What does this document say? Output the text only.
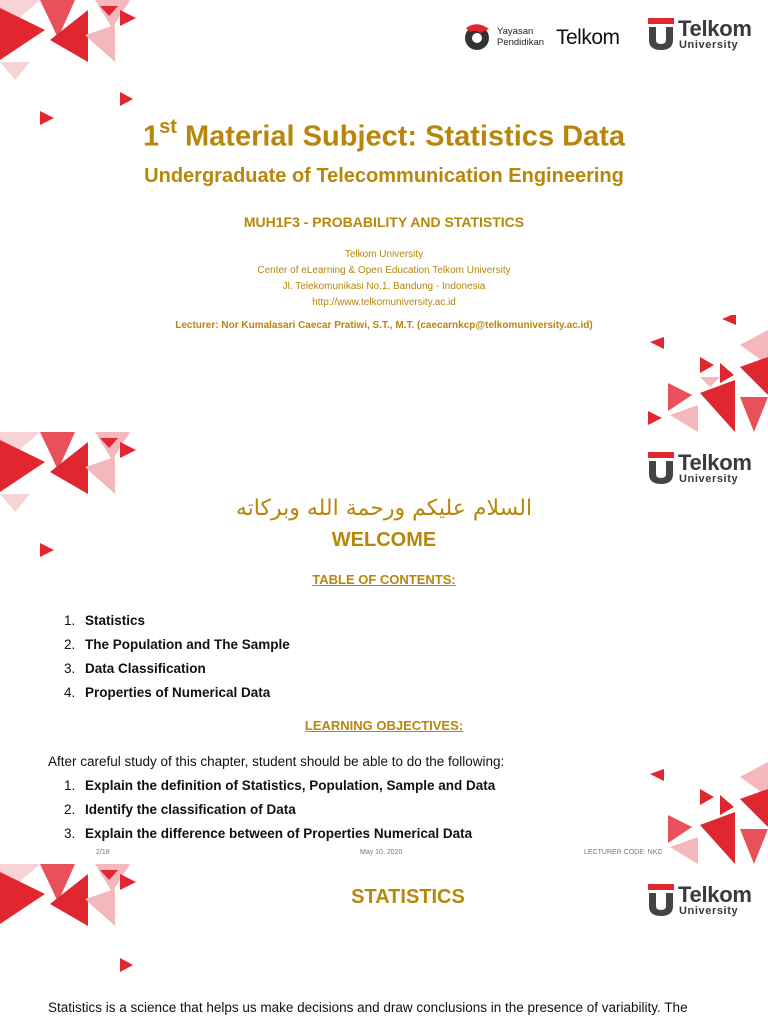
Yayasan
Pendidikan Telkom	Telkom
University
1st Material Subject: Statistics Data
Undergraduate of Telecommunication Engineering
MUH1F3 - PROBABILITY AND STATISTICS
Telkom University
Center of eLearning & Open Education Telkom University
Jl. Telekomunikasi No.1, Bandung - Indonesia
http://www.telkomuniversity.ac.id
Lecturer: Nor Kumalasari Caecar Pratiwi, S.T., M.T. (caecarnkcp@telkomuniversity.ac.id)
Telkom
University
السلام عليكم ورحمة الله وبركاته
WELCOME
TABLE OF CONTENTS:
1. Statistics
2. The Population and The Sample
3. Data Classification
4. Properties of Numerical Data
LEARNING OBJECTIVES:
After careful study of this chapter, student should be able to do the following:
1. Explain the definition of Statistics, Population, Sample and Data
2. Identify the classification of Data
3. Explain the difference between of Properties Numerical Data
2/18	May 10, 2020	LECTURER CODE: NKC
Telkom
University
STATISTICS
Statistics is a science that helps us make decisions and draw conclusions in the presence of variability. The
